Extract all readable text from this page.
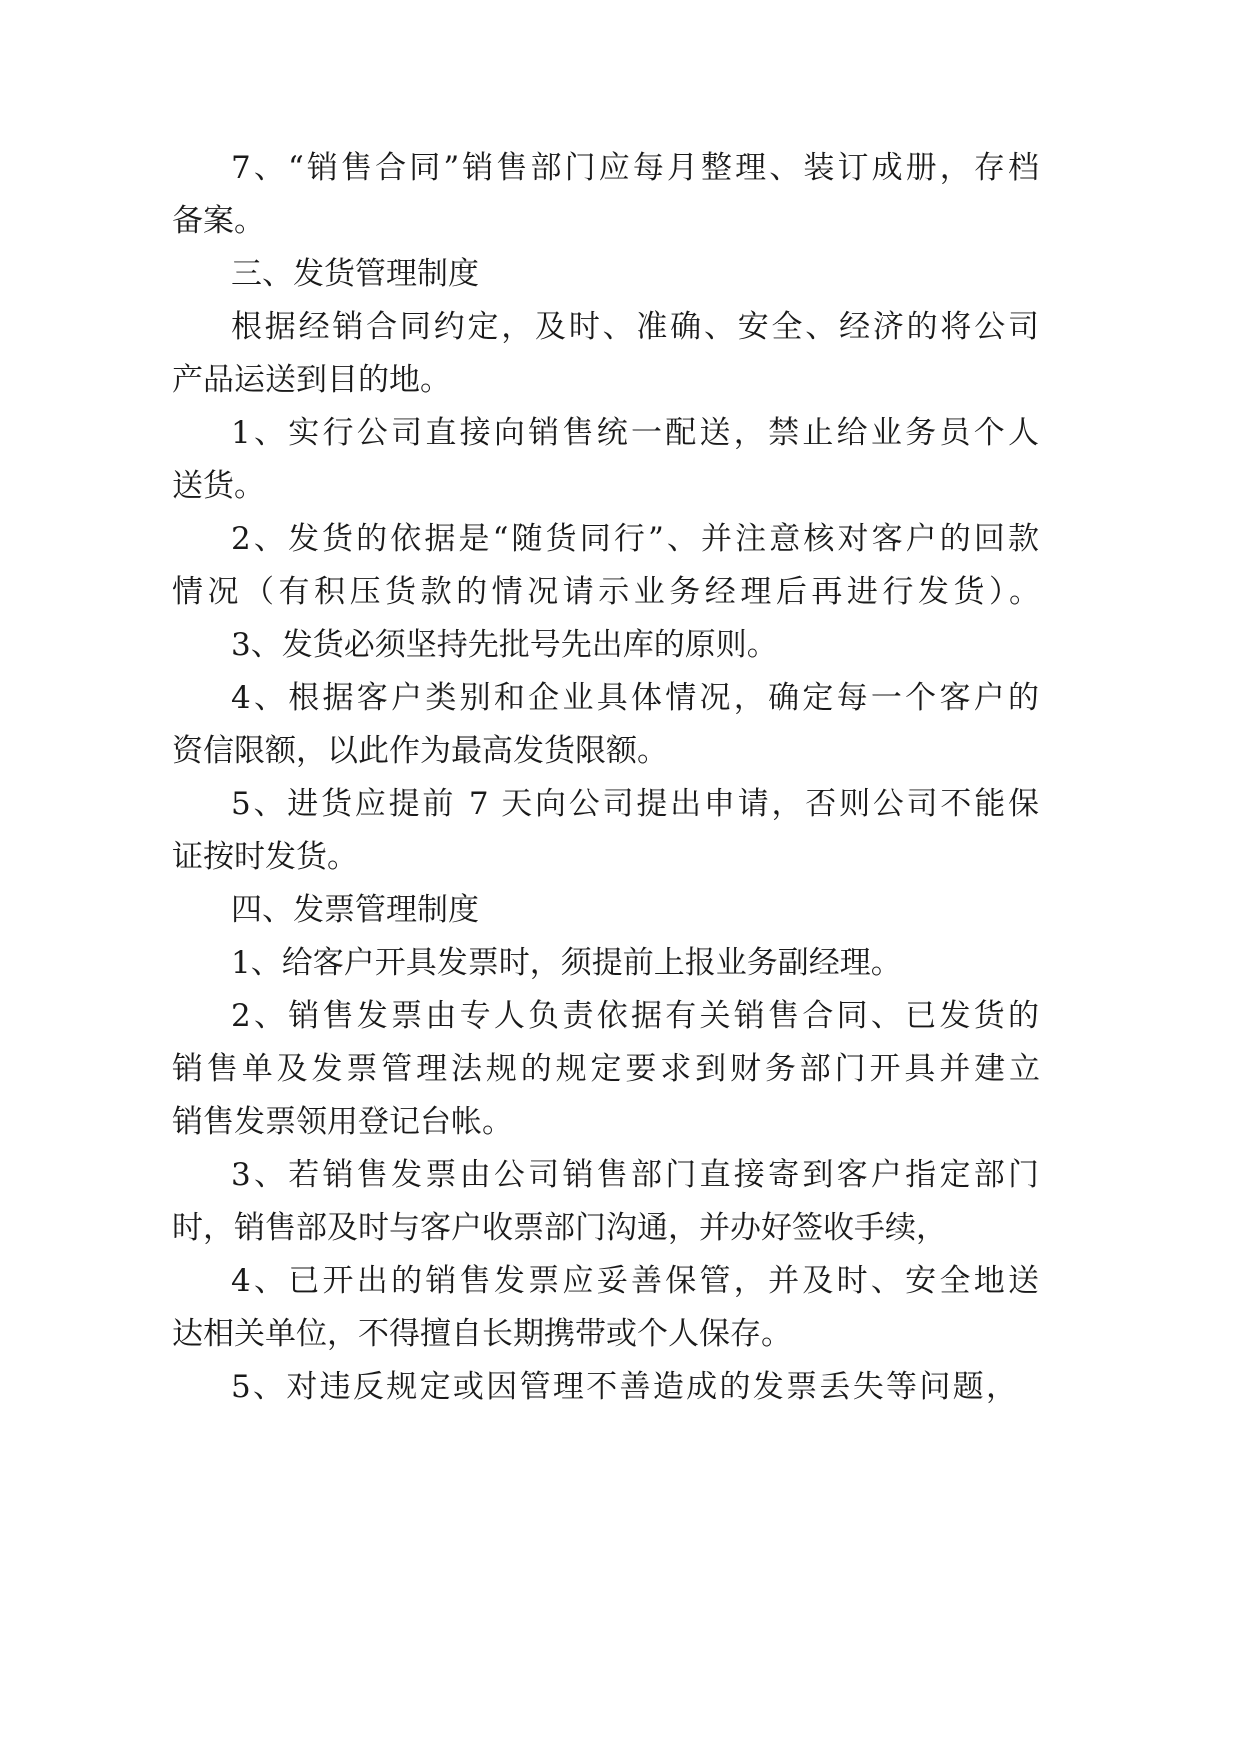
7、“销售合同”销售部门应每月整理、装订成册，存档

备案。

三、发货管理制度

根据经销合同约定，及时、准确、安全、经济的将公司

产品运送到目的地。

1、实行公司直接向销售统一配送，禁止给业务员个人

送货。

2、发货的依据是“随货同行”、并注意核对客户的回款

情况（有积压货款的情况请示业务经理后再进行发货）。

3、发货必须坚持先批号先出库的原则。

4、根据客户类别和企业具体情况，确定每一个客户的

资信限额，以此作为最高发货限额。

5、进货应提前 7 天向公司提出申请，否则公司不能保

证按时发货。

四、发票管理制度

1、给客户开具发票时，须提前上报业务副经理。

2、销售发票由专人负责依据有关销售合同、已发货的

销售单及发票管理法规的规定要求到财务部门开具并建立

销售发票领用登记台帐。

3、若销售发票由公司销售部门直接寄到客户指定部门

时，销售部及时与客户收票部门沟通，并办好签收手续，

4、已开出的销售发票应妥善保管，并及时、安全地送

达相关单位，不得擅自长期携带或个人保存。

5、对违反规定或因管理不善造成的发票丢失等问题，
